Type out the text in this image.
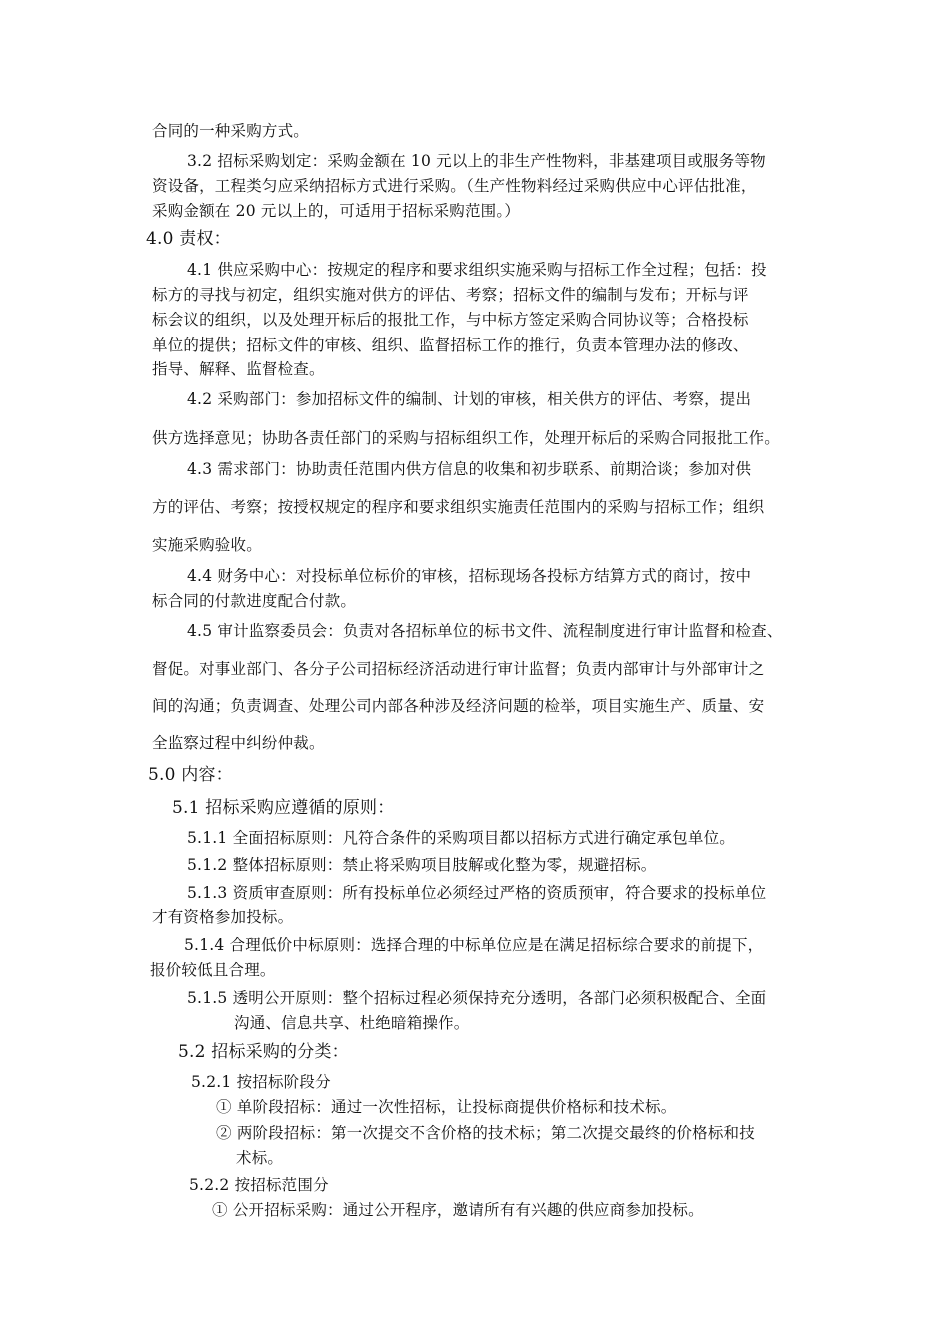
合同的一种采购方式。
3.2 招标采购划定：采购金额在 10 元以上的非生产性物料，非基建项目或服务等物
资设备，工程类匀应采纳招标方式进行采购。（生产性物料经过采购供应中心评估批准，
采购金额在 20 元以上的，可适用于招标采购范围。）
4.0 责权：
4.1 供应采购中心：按规定的程序和要求组织实施采购与招标工作全过程；包括：投
标方的寻找与初定，组织实施对供方的评估、考察；招标文件的编制与发布；开标与评
标会议的组织，以及处理开标后的报批工作，与中标方签定采购合同协议等；合格投标
单位的提供；招标文件的审核、组织、监督招标工作的推行，负责本管理办法的修改、
指导、解释、监督检查。
4.2 采购部门：参加招标文件的编制、计划的审核，相关供方的评估、考察，提出
供方选择意见；协助各责任部门的采购与招标组织工作，处理开标后的采购合同报批工作。
4.3 需求部门：协助责任范围内供方信息的收集和初步联系、前期洽谈；参加对供
方的评估、考察；按授权规定的程序和要求组织实施责任范围内的采购与招标工作；组织
实施采购验收。
4.4 财务中心：对投标单位标价的审核，招标现场各投标方结算方式的商讨，按中
标合同的付款进度配合付款。
4.5 审计监察委员会：负责对各招标单位的标书文件、流程制度进行审计监督和检查、
督促。对事业部门、各分子公司招标经济活动进行审计监督；负责内部审计与外部审计之
间的沟通；负责调查、处理公司内部各种涉及经济问题的检举，项目实施生产、质量、安
全监察过程中纠纷仲裁。
5.0 内容：
5.1 招标采购应遵循的原则：
5.1.1 全面招标原则：凡符合条件的采购项目都以招标方式进行确定承包单位。
5.1.2 整体招标原则：禁止将采购项目肢解或化整为零，规避招标。
5.1.3 资质审查原则：所有投标单位必须经过严格的资质预审，符合要求的投标单位
才有资格参加投标。
5.1.4 合理低价中标原则：选择合理的中标单位应是在满足招标综合要求的前提下，
报价较低且合理。
5.1.5 透明公开原则：整个招标过程必须保持充分透明，各部门必须积极配合、全面
沟通、信息共享、杜绝暗箱操作。
5.2 招标采购的分类：
5.2.1 按招标阶段分
① 单阶段招标：通过一次性招标，让投标商提供价格标和技术标。
② 两阶段招标：第一次提交不含价格的技术标；第二次提交最终的价格标和技
术标。
5.2.2 按招标范围分
① 公开招标采购：通过公开程序，邀请所有有兴趣的供应商参加投标。
